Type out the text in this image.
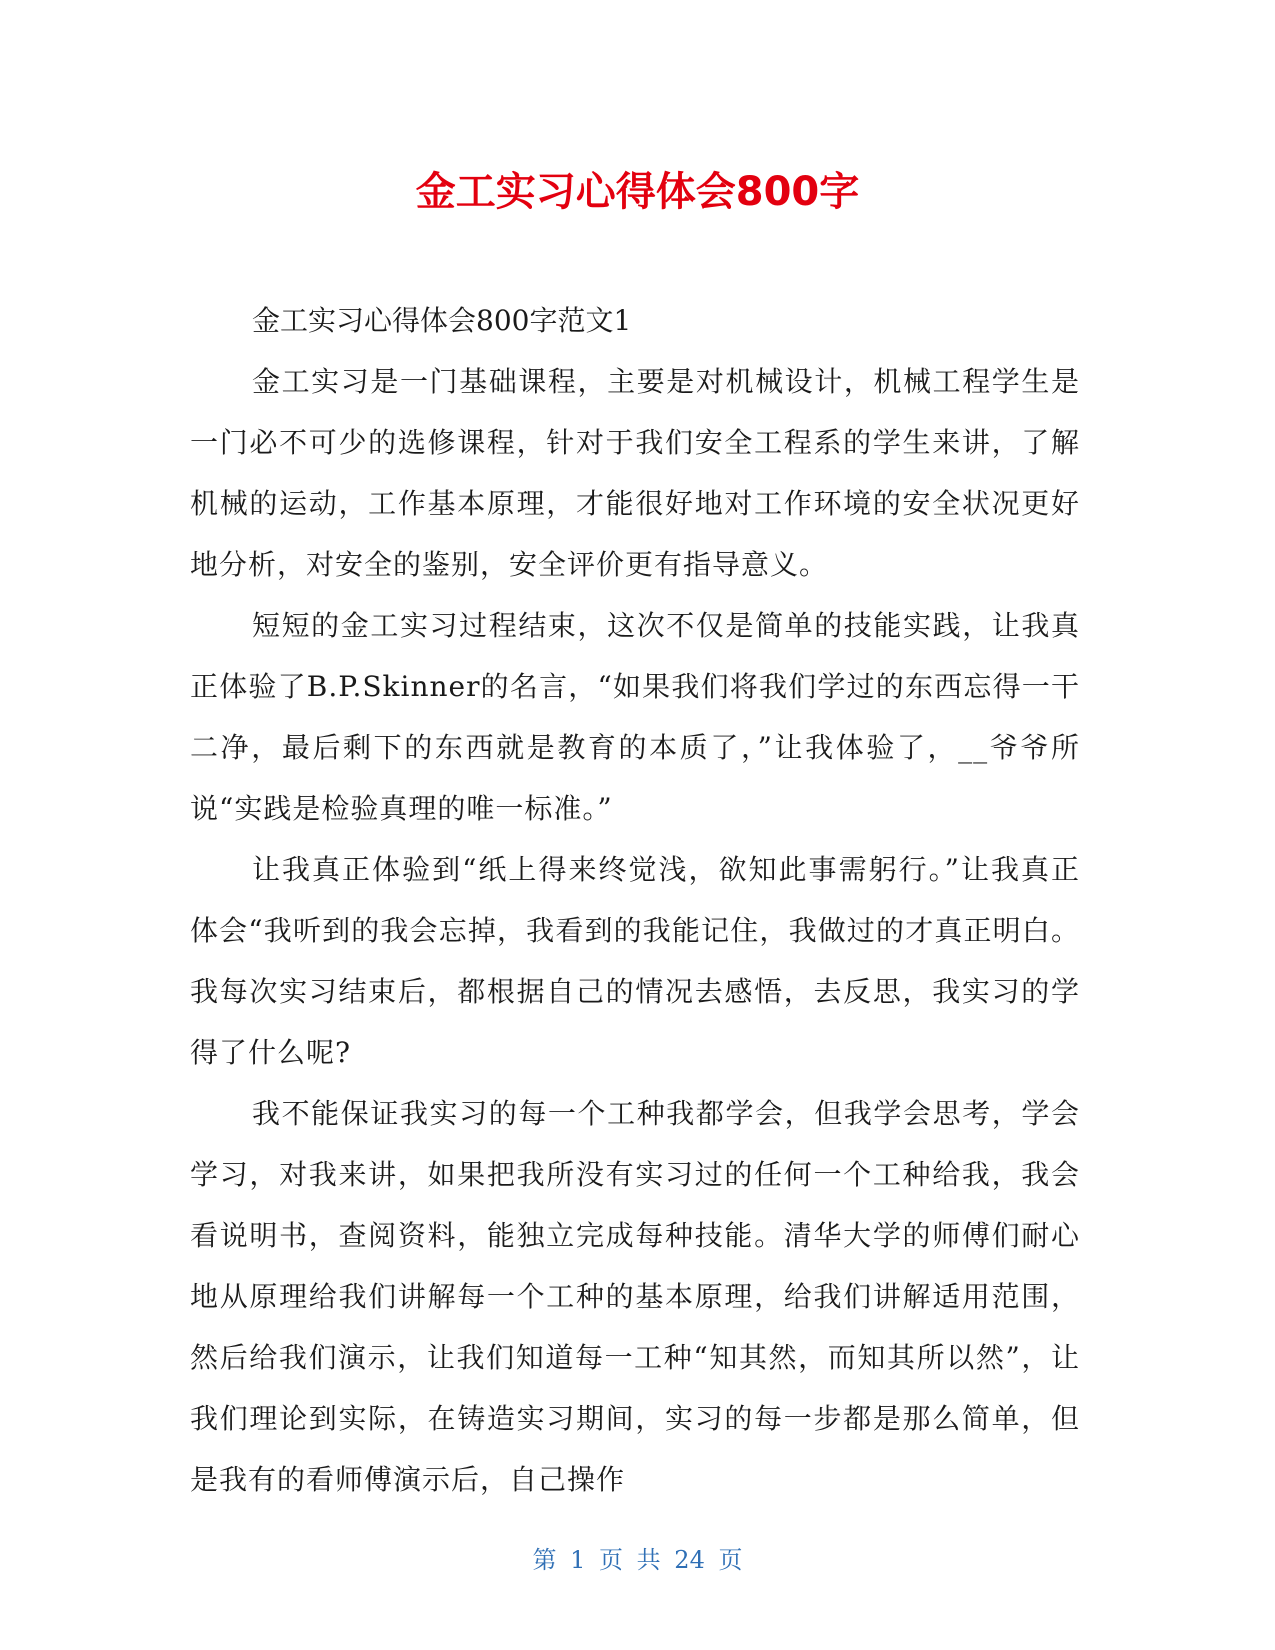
金工实习心得体会800字

金工实习心得体会800字范文1

金工实习是一门基础课程，主要是对机械设计，机械工程学生是一门必不可少的选修课程，针对于我们安全工程系的学生来讲，了解机械的运动，工作基本原理，才能很好地对工作环境的安全状况更好地分析，对安全的鉴别，安全评价更有指导意义。

短短的金工实习过程结束，这次不仅是简单的技能实践，让我真正体验了B.P.Skinner的名言，“如果我们将我们学过的东西忘得一干二净，最后剩下的东西就是教育的本质了，”让我体验了，__爷爷所说“实践是检验真理的唯一标准。”

让我真正体验到“纸上得来终觉浅，欲知此事需躬行。”让我真正体会“我听到的我会忘掉，我看到的我能记住，我做过的才真正明白。我每次实习结束后，都根据自己的情况去感悟，去反思，我实习的学得了什么呢?

我不能保证我实习的每一个工种我都学会，但我学会思考，学会学习，对我来讲，如果把我所没有实习过的任何一个工种给我，我会看说明书，查阅资料，能独立完成每种技能。清华大学的师傅们耐心地从原理给我们讲解每一个工种的基本原理，给我们讲解适用范围，然后给我们演示，让我们知道每一工种“知其然，而知其所以然”，让我们理论到实际，在铸造实习期间，实习的每一步都是那么简单，但是我有的看师傅演示后，自己操作

第 1 页 共 24 页
